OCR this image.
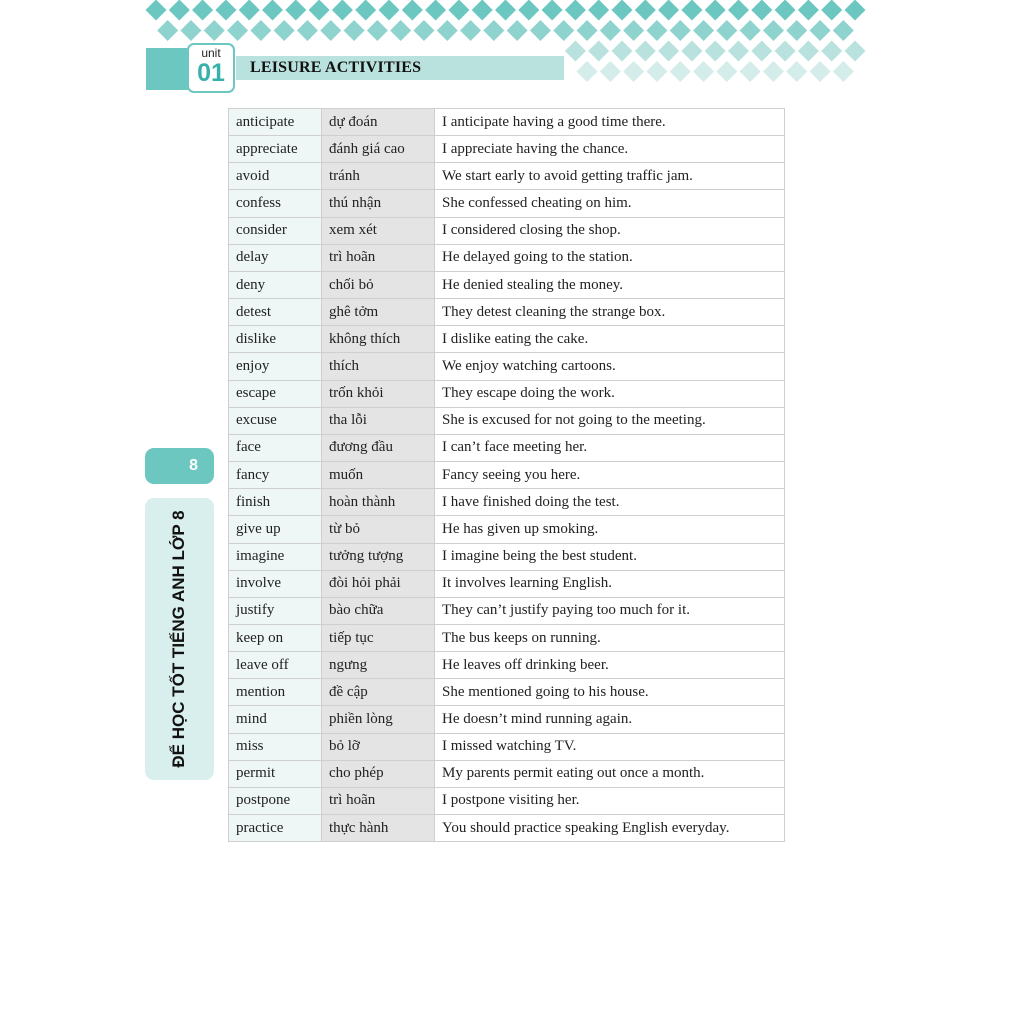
unit
01	LEISURE ACTIVITIES
8
ĐỂ HỌC TỐT TIẾNG ANH LỚP 8
anticipate	dự đoán	I anticipate having a good time there.
appreciate	đánh giá cao	I appreciate having the chance.
avoid	tránh	We start early to avoid getting traffic jam.
confess	thú nhận	She confessed cheating on him.
consider	xem xét	I considered closing the shop.
delay	trì hoãn	He delayed going to the station.
deny	chối bỏ	He denied stealing the money.
detest	ghê tởm	They detest cleaning the strange box.
dislike	không thích	I dislike eating the cake.
enjoy	thích	We enjoy watching cartoons.
escape	trốn khỏi	They escape doing the work.
excuse	tha lỗi	She is excused for not going to the meeting.
face	đương đầu	I can’t face meeting her.
fancy	muốn	Fancy seeing you here.
finish	hoàn thành	I have finished doing the test.
give up	từ bỏ	He has given up smoking.
imagine	tưởng tượng	I imagine being the best student.
involve	đòi hỏi phải	It involves learning English.
justify	bào chữa	They can’t justify paying too much for it.
keep on	tiếp tục	The bus keeps on running.
leave off	ngưng	He leaves off drinking beer.
mention	đề cập	She mentioned going to his house.
mind	phiền lòng	He doesn’t mind running again.
miss	bỏ lỡ	I missed watching TV.
permit	cho phép	My parents permit eating out once a month.
postpone	trì hoãn	I postpone visiting her.
practice	thực hành	You should practice speaking English everyday.
